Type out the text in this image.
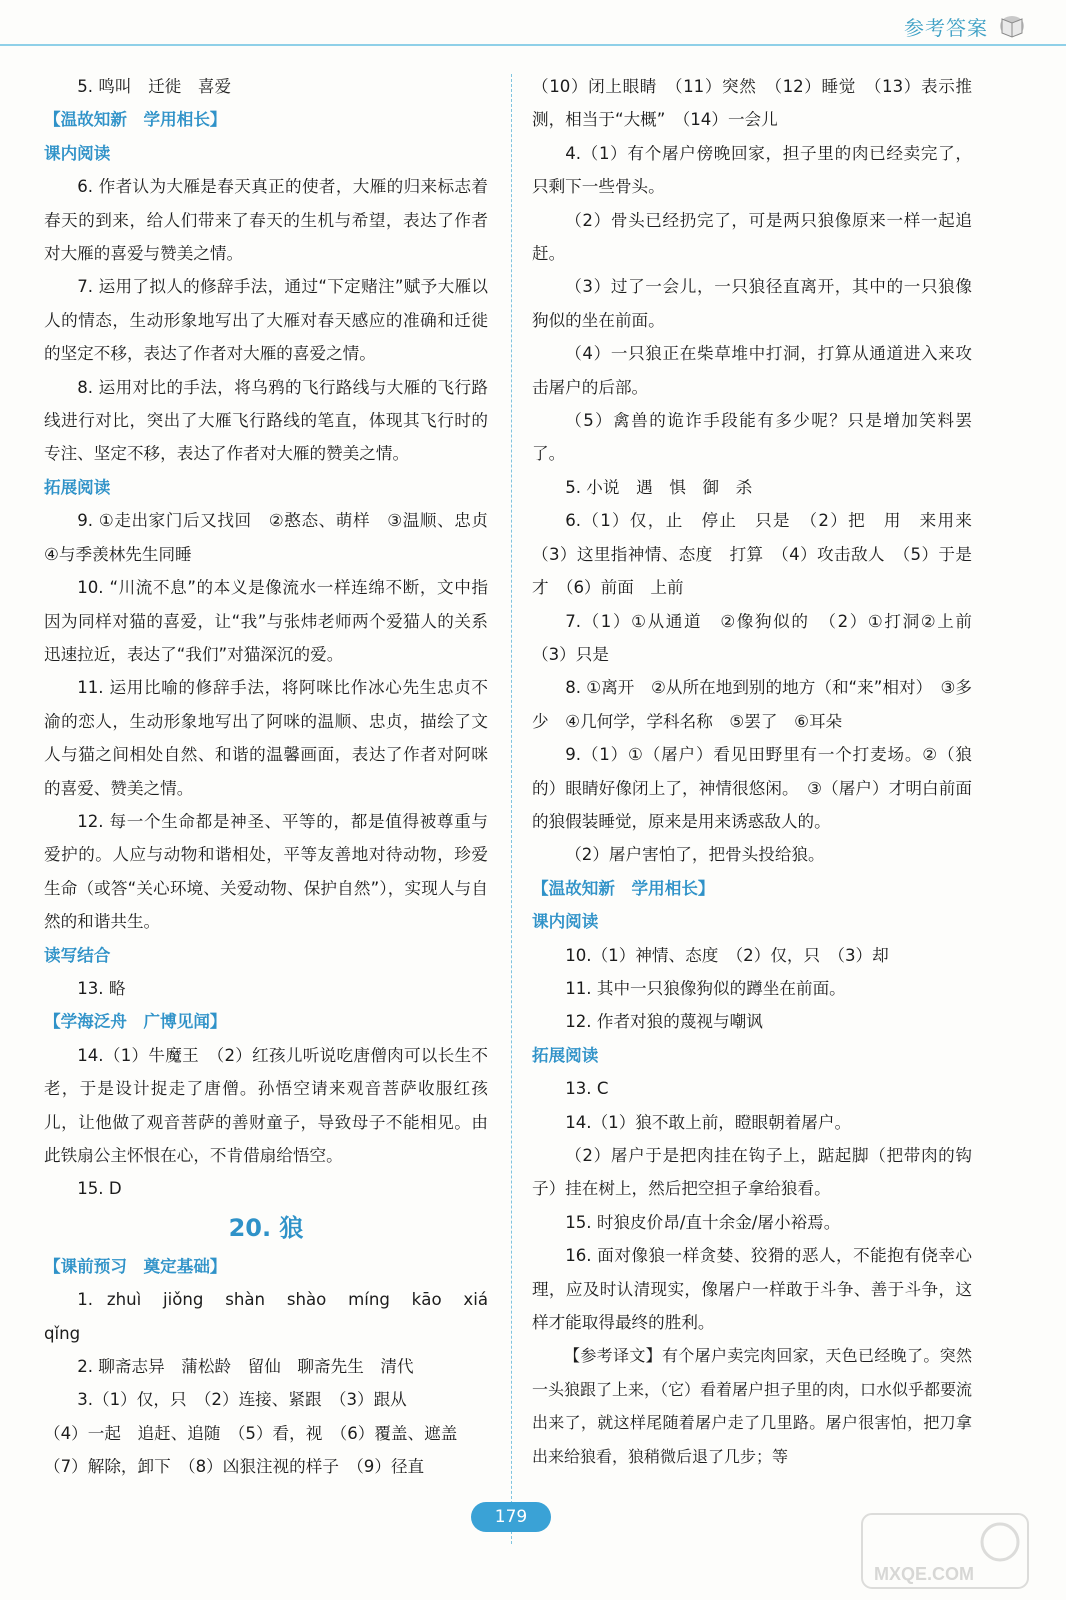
参考答案

5. 鸣叫　迁徙　喜爱

【温故知新　学用相长】
课内阅读

6. 作者认为大雁是春天真正的使者，大雁的归来标志着春天的到来，给人们带来了春天的生机与希望，表达了作者对大雁的喜爱与赞美之情。

7. 运用了拟人的修辞手法，通过“下定赌注”赋予大雁以人的情态，生动形象地写出了大雁对春天感应的准确和迁徙的坚定不移，表达了作者对大雁的喜爱之情。

8. 运用对比的手法，将乌鸦的飞行路线与大雁的飞行路线进行对比，突出了大雁飞行路线的笔直，体现其飞行时的专注、坚定不移，表达了作者对大雁的赞美之情。

拓展阅读

9. ①走出家门后又找回　②憨态、萌样　③温顺、忠贞　④与季羡林先生同睡

10. “川流不息”的本义是像流水一样连绵不断，文中指因为同样对猫的喜爱，让“我”与张炜老师两个爱猫人的关系迅速拉近，表达了“我们”对猫深沉的爱。

11. 运用比喻的修辞手法，将阿咪比作冰心先生忠贞不渝的恋人，生动形象地写出了阿咪的温顺、忠贞，描绘了文人与猫之间相处自然、和谐的温馨画面，表达了作者对阿咪的喜爱、赞美之情。

12. 每一个生命都是神圣、平等的，都是值得被尊重与爱护的。人应与动物和谐相处，平等友善地对待动物，珍爱生命（或答“关心环境、关爱动物、保护自然”），实现人与自然的和谐共生。

读写结合

13. 略

【学海泛舟　广博见闻】

14.（1）牛魔王　（2）红孩儿听说吃唐僧肉可以长生不老，于是设计捉走了唐僧。孙悟空请来观音菩萨收服红孩儿，让他做了观音菩萨的善财童子，导致母子不能相见。由此铁扇公主怀恨在心，不肯借扇给悟空。

15. D

20. 狼
【课前预习　奠定基础】

1. zhuì　jiǒng　shàn　shào　míng　kāo　xiá qǐng

2. 聊斋志异　蒲松龄　留仙　聊斋先生　清代

3.（1）仅，只　（2）连接、紧跟　（3）跟从

（4）一起　追赶、追随　（5）看，视　（6）覆盖、遮盖

（7）解除，卸下　（8）凶狠注视的样子　（9）径直

（10）闭上眼睛　（11）突然　（12）睡觉　（13）表示推测，相当于“大概”　（14）一会儿

4.（1）有个屠户傍晚回家，担子里的肉已经卖完了，只剩下一些骨头。

（2）骨头已经扔完了，可是两只狼像原来一样一起追赶。

（3）过了一会儿，一只狼径直离开，其中的一只狼像狗似的坐在前面。

（4）一只狼正在柴草堆中打洞，打算从通道进入来攻击屠户的后部。

（5）禽兽的诡诈手段能有多少呢？只是增加笑料罢了。

5. 小说　遇　惧　御　杀

6.（1）仅，止　停止　只是　（2）把　用　来用来　（3）这里指神情、态度　打算　（4）攻击敌人　（5）于是　才　（6）前面　上前

7.（1）①从通道　②像狗似的　（2）①打洞②上前　（3）只是

8. ①离开　②从所在地到别的地方（和“来”相对）　③多少　④几何学，学科名称　⑤罢了　⑥耳朵

9.（1）①（屠户）看见田野里有一个打麦场。②（狼的）眼睛好像闭上了，神情很悠闲。　③（屠户）才明白前面的狼假装睡觉，原来是用来诱惑敌人的。

（2）屠户害怕了，把骨头投给狼。

【温故知新　学用相长】
课内阅读

10.（1）神情、态度　（2）仅，只　（3）却

11. 其中一只狼像狗似的蹲坐在前面。

12. 作者对狼的蔑视与嘲讽

拓展阅读

13. C

14.（1）狼不敢上前，瞪眼朝着屠户。

（2）屠户于是把肉挂在钩子上，踮起脚（把带肉的钩子）挂在树上，然后把空担子拿给狼看。

15. 时狼皮价昂/直十余金/屠小裕焉。

16. 面对像狼一样贪婪、狡猾的恶人，不能抱有侥幸心理，应及时认清现实，像屠户一样敢于斗争、善于斗争，这样才能取得最终的胜利。

【参考译文】有个屠户卖完肉回家，天色已经晚了。突然一头狼跟了上来，（它）看着屠户担子里的肉，口水似乎都要流出来了，就这样尾随着屠户走了几里路。屠户很害怕，把刀拿出来给狼看，狼稍微后退了几步；等

179
MXQE.COM
